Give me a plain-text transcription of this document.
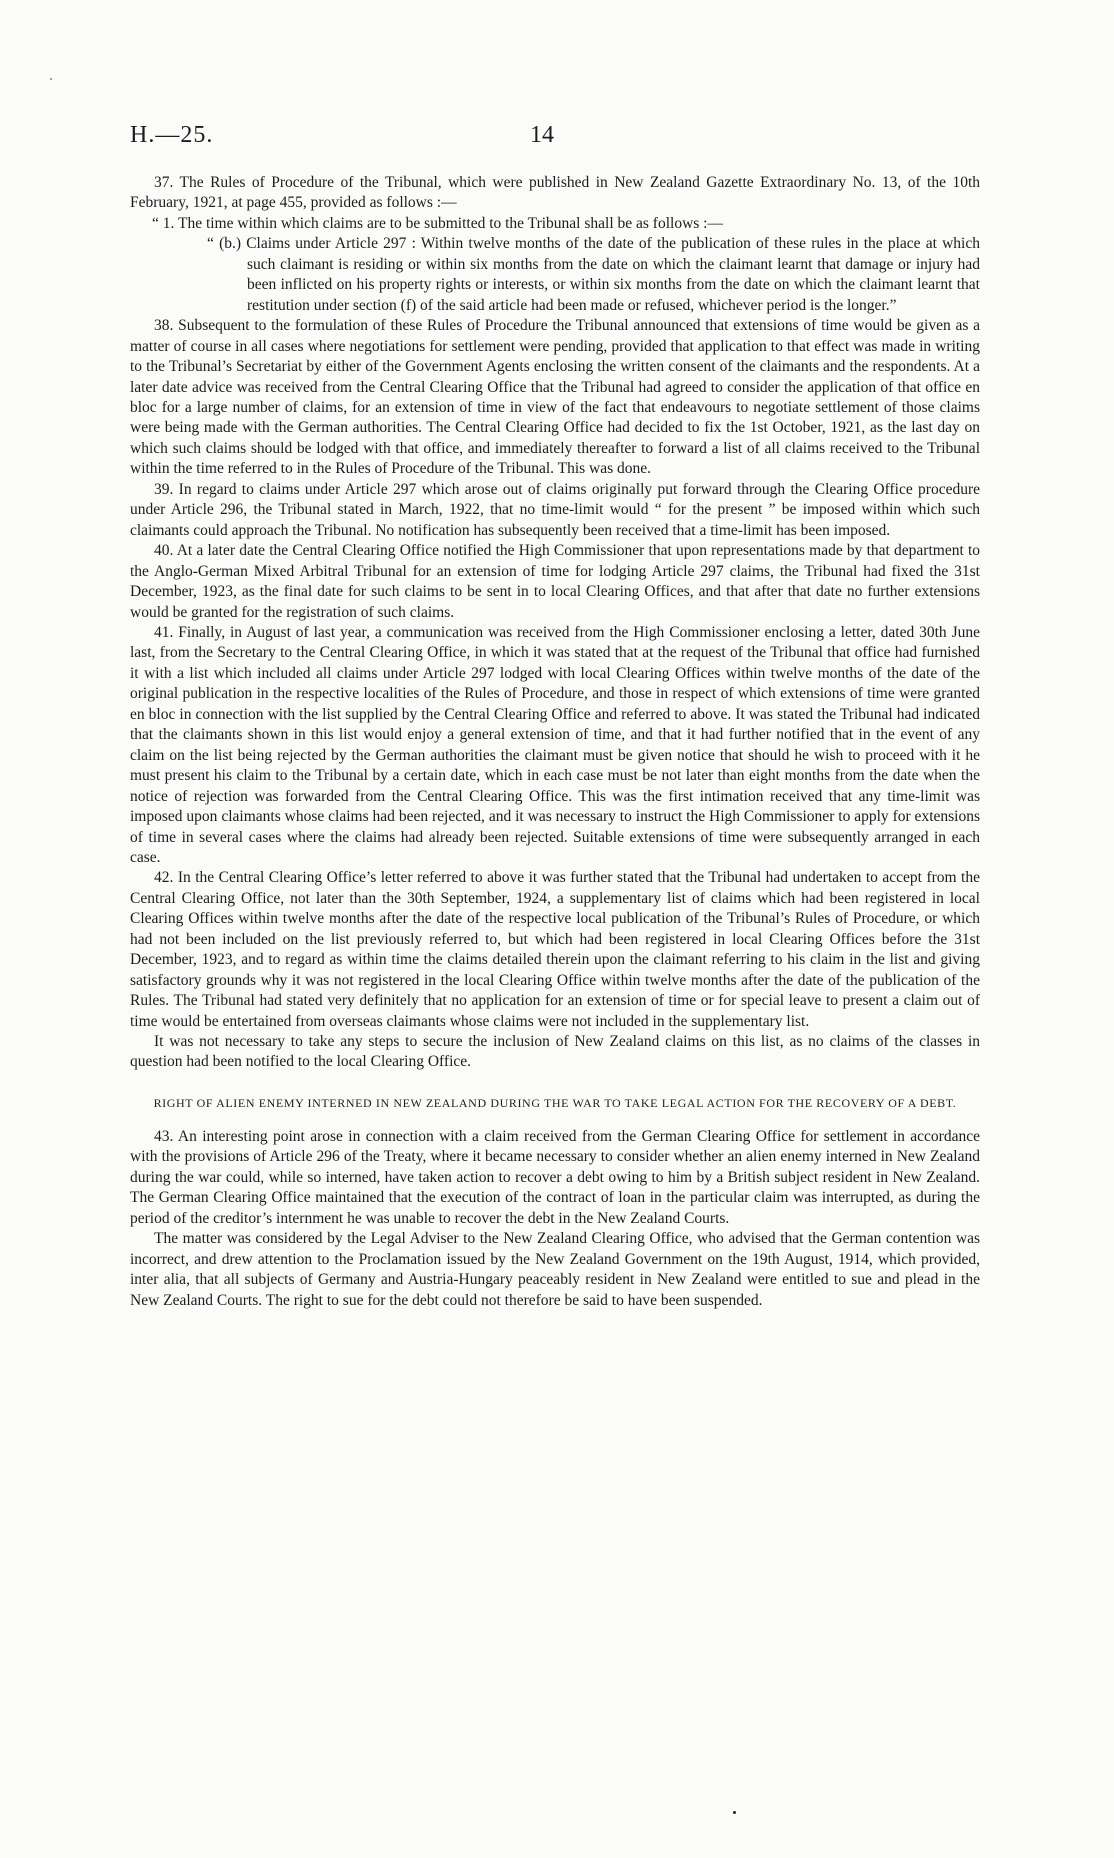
H.—25.	14

37. The Rules of Procedure of the Tribunal, which were published in New Zealand Gazette Extraordinary No. 13, of the 10th February, 1921, at page 455, provided as follows :—

“ 1. The time within which claims are to be submitted to the Tribunal shall be as follows :—

“ (b.) Claims under Article 297 : Within twelve months of the date of the publication of these rules in the place at which such claimant is residing or within six months from the date on which the claimant learnt that damage or injury had been inflicted on his property rights or interests, or within six months from the date on which the claimant learnt that restitution under section (f) of the said article had been made or refused, whichever period is the longer.”

38. Subsequent to the formulation of these Rules of Procedure the Tribunal announced that extensions of time would be given as a matter of course in all cases where negotiations for settlement were pending, provided that application to that effect was made in writing to the Tribunal’s Secretariat by either of the Government Agents enclosing the written consent of the claimants and the respondents. At a later date advice was received from the Central Clearing Office that the Tribunal had agreed to consider the application of that office en bloc for a large number of claims, for an extension of time in view of the fact that endeavours to negotiate settlement of those claims were being made with the German authorities. The Central Clearing Office had decided to fix the 1st October, 1921, as the last day on which such claims should be lodged with that office, and immediately thereafter to forward a list of all claims received to the Tribunal within the time referred to in the Rules of Procedure of the Tribunal. This was done.

39. In regard to claims under Article 297 which arose out of claims originally put forward through the Clearing Office procedure under Article 296, the Tribunal stated in March, 1922, that no time-limit would “ for the present ” be imposed within which such claimants could approach the Tribunal. No notification has subsequently been received that a time-limit has been imposed.

40. At a later date the Central Clearing Office notified the High Commissioner that upon representations made by that department to the Anglo-German Mixed Arbitral Tribunal for an extension of time for lodging Article 297 claims, the Tribunal had fixed the 31st December, 1923, as the final date for such claims to be sent in to local Clearing Offices, and that after that date no further extensions would be granted for the registration of such claims.

41. Finally, in August of last year, a communication was received from the High Commissioner enclosing a letter, dated 30th June last, from the Secretary to the Central Clearing Office, in which it was stated that at the request of the Tribunal that office had furnished it with a list which included all claims under Article 297 lodged with local Clearing Offices within twelve months of the date of the original publication in the respective localities of the Rules of Procedure, and those in respect of which extensions of time were granted en bloc in connection with the list supplied by the Central Clearing Office and referred to above. It was stated the Tribunal had indicated that the claimants shown in this list would enjoy a general extension of time, and that it had further notified that in the event of any claim on the list being rejected by the German authorities the claimant must be given notice that should he wish to proceed with it he must present his claim to the Tribunal by a certain date, which in each case must be not later than eight months from the date when the notice of rejection was forwarded from the Central Clearing Office. This was the first intimation received that any time-limit was imposed upon claimants whose claims had been rejected, and it was necessary to instruct the High Commissioner to apply for extensions of time in several cases where the claims had already been rejected. Suitable extensions of time were subsequently arranged in each case.

42. In the Central Clearing Office’s letter referred to above it was further stated that the Tribunal had undertaken to accept from the Central Clearing Office, not later than the 30th September, 1924, a supplementary list of claims which had been registered in local Clearing Offices within twelve months after the date of the respective local publication of the Tribunal’s Rules of Procedure, or which had not been included on the list previously referred to, but which had been registered in local Clearing Offices before the 31st December, 1923, and to regard as within time the claims detailed therein upon the claimant referring to his claim in the list and giving satisfactory grounds why it was not registered in the local Clearing Office within twelve months after the date of the publication of the Rules. The Tribunal had stated very definitely that no application for an extension of time or for special leave to present a claim out of time would be entertained from overseas claimants whose claims were not included in the supplementary list.

It was not necessary to take any steps to secure the inclusion of New Zealand claims on this list, as no claims of the classes in question had been notified to the local Clearing Office.

RIGHT OF ALIEN ENEMY INTERNED IN NEW ZEALAND DURING THE WAR TO TAKE LEGAL ACTION FOR THE RECOVERY OF A DEBT.

43. An interesting point arose in connection with a claim received from the German Clearing Office for settlement in accordance with the provisions of Article 296 of the Treaty, where it became necessary to consider whether an alien enemy interned in New Zealand during the war could, while so interned, have taken action to recover a debt owing to him by a British subject resident in New Zealand. The German Clearing Office maintained that the execution of the contract of loan in the particular claim was interrupted, as during the period of the creditor’s internment he was unable to recover the debt in the New Zealand Courts.

The matter was considered by the Legal Adviser to the New Zealand Clearing Office, who advised that the German contention was incorrect, and drew attention to the Proclamation issued by the New Zealand Government on the 19th August, 1914, which provided, inter alia, that all subjects of Germany and Austria-Hungary peaceably resident in New Zealand were entitled to sue and plead in the New Zealand Courts. The right to sue for the debt could not therefore be said to have been suspended.
